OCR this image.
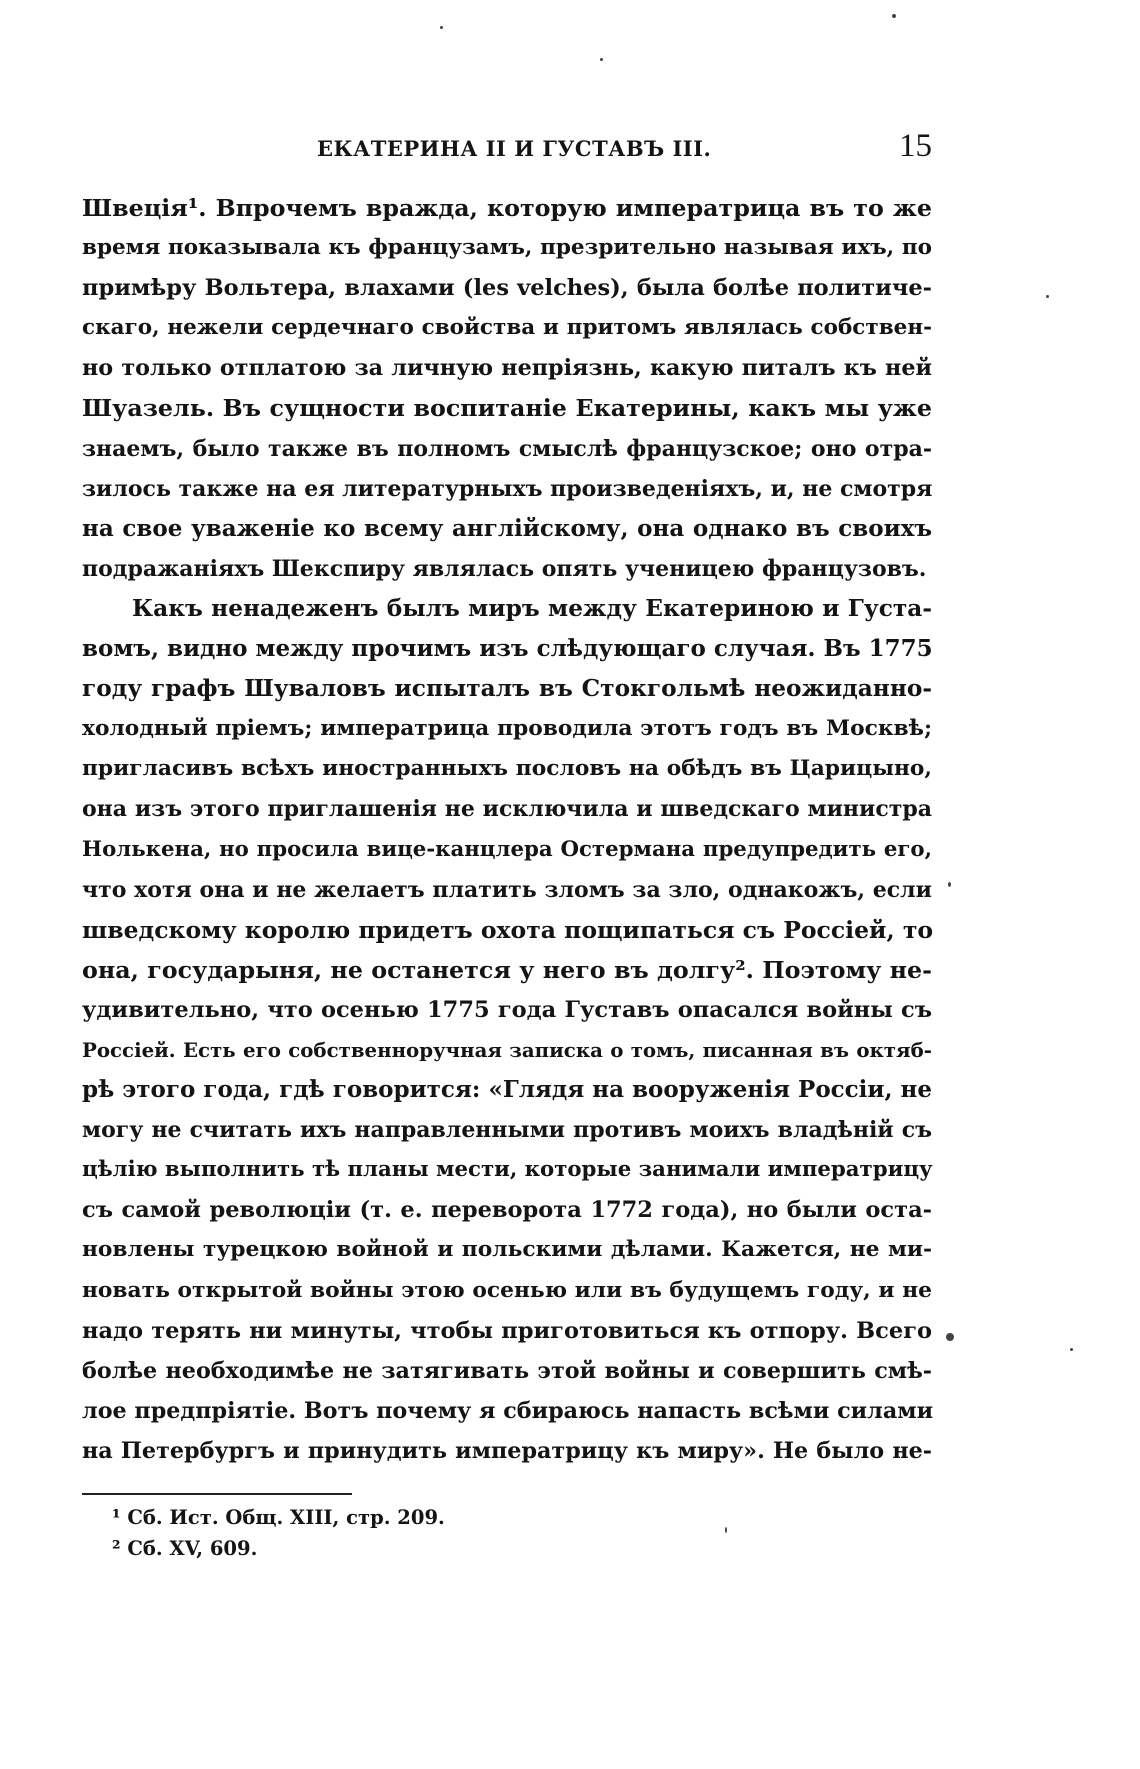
ЕКАТЕРИНА II И ГУСТАВЪ III.	15
Швеція¹. Впрочемъ вражда, которую императрица въ то же
время показывала къ французамъ, презрительно называя ихъ, по
примѣру Вольтера, влахами (les velches), была болѣе политиче-
скаго, нежели сердечнаго свойства и притомъ являлась собствен-
но только отплатою за личную непріязнь, какую питалъ къ ней
Шуазель. Въ сущности воспитаніе Екатерины, какъ мы уже
знаемъ, было также въ полномъ смыслѣ французское; оно отра-
зилось также на ея литературныхъ произведеніяхъ, и, не смотря
на свое уваженіе ко всему англійскому, она однако въ своихъ
подражаніяхъ Шекспиру являлась опять ученицею французовъ.
Какъ ненадеженъ былъ миръ между Екатериною и Густа-
вомъ, видно между прочимъ изъ слѣдующаго случая. Въ 1775
году графъ Шуваловъ испыталъ въ Стокгольмѣ неожиданно-
холодный пріемъ; императрица проводила этотъ годъ въ Москвѣ;
пригласивъ всѣхъ иностранныхъ пословъ на обѣдъ въ Царицыно,
она изъ этого приглашенія не исключила и шведскаго министра
Нолькена, но просила вице-канцлера Остермана предупредить его,
что хотя она и не желаетъ платить зломъ за зло, однакожъ, если
шведскому королю придетъ охота пощипаться съ Россіей, то
она, государыня, не останется у него въ долгу². Поэтому не-
удивительно, что осенью 1775 года Густавъ опасался войны съ
Россіей. Есть его собственноручная записка о томъ, писанная въ октяб-
рѣ этого года, гдѣ говорится: «Глядя на вооруженія Россіи, не
могу не считать ихъ направленными противъ моихъ владѣній съ
цѣлію выполнить тѣ планы мести, которые занимали императрицу
съ самой революціи (т. е. переворота 1772 года), но были оста-
новлены турецкою войной и польскими дѣлами. Кажется, не ми-
новать открытой войны этою осенью или въ будущемъ году, и не
надо терять ни минуты, чтобы приготовиться къ отпору. Всего
болѣе необходимѣе не затягивать этой войны и совершить смѣ-
лое предпріятіе. Вотъ почему я сбираюсь напасть всѣми силами
на Петербургъ и принудить императрицу къ миру». Не было не-
¹ Сб. Ист. Общ. XIII, стр. 209.
² Сб. XV, 609.
